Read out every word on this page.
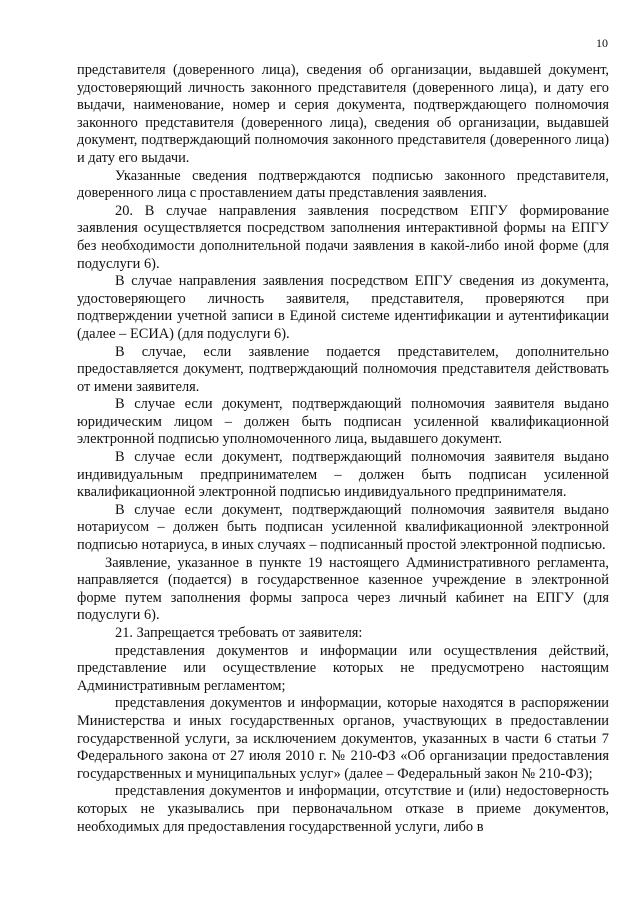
10

представителя (доверенного лица), сведения об организации, выдавшей документ, удостоверяющий личность законного представителя (доверенного лица), и дату его выдачи, наименование, номер и серия документа, подтверждающего полномочия законного представителя (доверенного лица), сведения об организации, выдавшей документ, подтверждающий полномочия законного представителя (доверенного лица) и дату его выдачи.

Указанные сведения подтверждаются подписью законного представителя, доверенного лица с проставлением даты представления заявления.

20. В случае направления заявления посредством ЕПГУ формирование заявления осуществляется посредством заполнения интерактивной формы на ЕПГУ без необходимости дополнительной подачи заявления в какой-либо иной форме (для подуслуги 6).

В случае направления заявления посредством ЕПГУ сведения из документа, удостоверяющего личность заявителя, представителя, проверяются при подтверждении учетной записи в Единой системе идентификации и аутентификации (далее – ЕСИА) (для подуслуги 6).

В случае, если заявление подается представителем, дополнительно предоставляется документ, подтверждающий полномочия представителя действовать от имени заявителя.

В случае если документ, подтверждающий полномочия заявителя выдано юридическим лицом – должен быть подписан усиленной квалификационной электронной подписью уполномоченного лица, выдавшего документ.

В случае если документ, подтверждающий полномочия заявителя выдано индивидуальным предпринимателем – должен быть подписан усиленной квалификационной электронной подписью индивидуального предпринимателя.

В случае если документ, подтверждающий полномочия заявителя выдано нотариусом – должен быть подписан усиленной квалификационной электронной подписью нотариуса, в иных случаях – подписанный простой электронной подписью.

Заявление, указанное в пункте 19 настоящего Административного регламента, направляется (подается) в государственное казенное учреждение в электронной форме путем заполнения формы запроса через личный кабинет на ЕПГУ (для подуслуги 6).

21. Запрещается требовать от заявителя:

представления документов и информации или осуществления действий, представление или осуществление которых не предусмотрено настоящим Административным регламентом;

представления документов и информации, которые находятся в распоряжении Министерства и иных государственных органов, участвующих в предоставлении государственной услуги, за исключением документов, указанных в части 6 статьи 7 Федерального закона от 27 июля 2010 г. № 210-ФЗ «Об организации предоставления государственных и муниципальных услуг» (далее – Федеральный закон № 210-ФЗ);

представления документов и информации, отсутствие и (или) недостоверность которых не указывались при первоначальном отказе в приеме документов, необходимых для предоставления государственной услуги, либо в
